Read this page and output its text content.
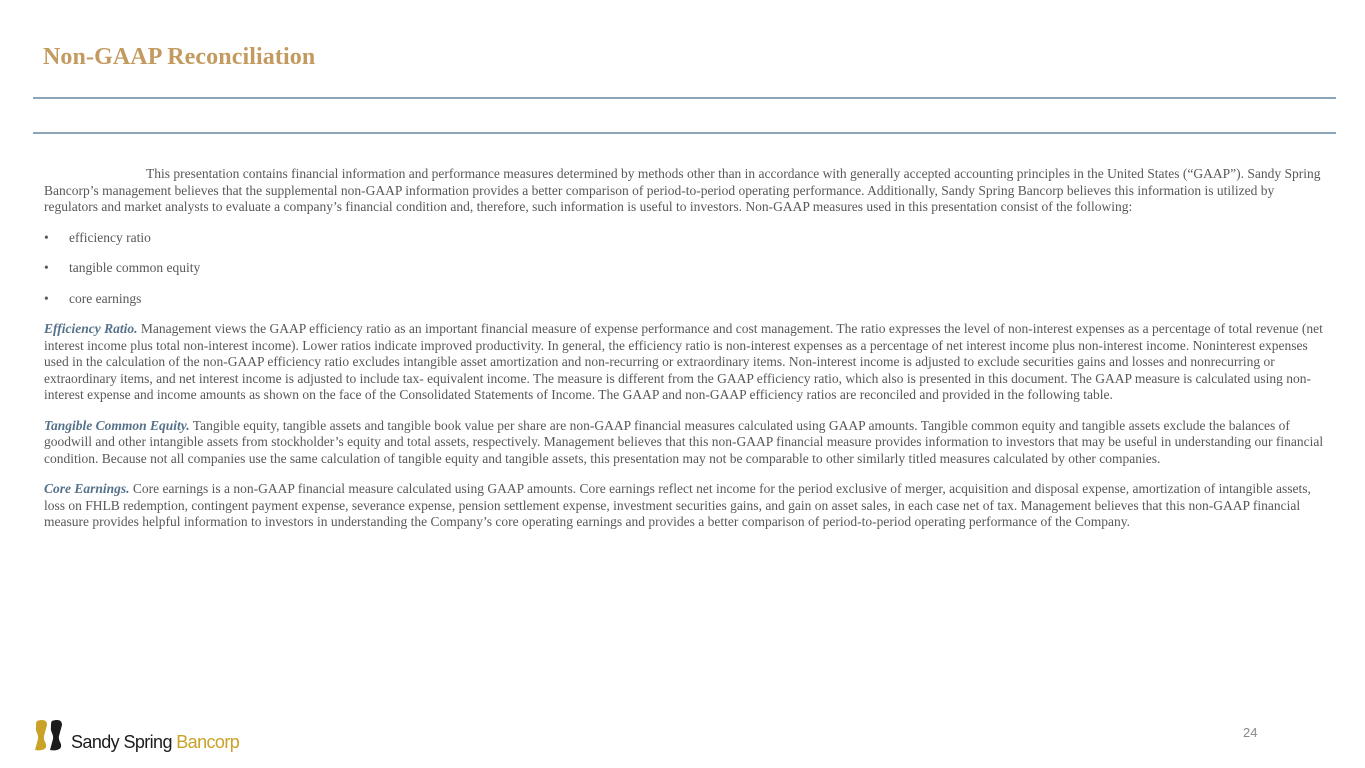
Non-GAAP Reconciliation

This presentation contains financial information and performance measures determined by methods other than in accordance with generally accepted accounting principles in the United States (“GAAP”). Sandy Spring Bancorp’s management believes that the supplemental non-GAAP information provides a better comparison of period-to-period operating performance. Additionally, Sandy Spring Bancorp believes this information is utilized by regulators and market analysts to evaluate a company’s financial condition and, therefore, such information is useful to investors. Non-GAAP measures used in this presentation consist of the following:

• efficiency ratio
• tangible common equity
• core earnings

Efficiency Ratio. Management views the GAAP efficiency ratio as an important financial measure of expense performance and cost management. The ratio expresses the level of non-interest expenses as a percentage of total revenue (net interest income plus total non-interest income). Lower ratios indicate improved productivity. In general, the efficiency ratio is non-interest expenses as a percentage of net interest income plus non-interest income. Noninterest expenses used in the calculation of the non-GAAP efficiency ratio excludes intangible asset amortization and non-recurring or extraordinary items. Non-interest income is adjusted to exclude securities gains and losses and nonrecurring or extraordinary items, and net interest income is adjusted to include tax- equivalent income. The measure is different from the GAAP efficiency ratio, which also is presented in this document. The GAAP measure is calculated using non-interest expense and income amounts as shown on the face of the Consolidated Statements of Income. The GAAP and non-GAAP efficiency ratios are reconciled and provided in the following table.

Tangible Common Equity. Tangible equity, tangible assets and tangible book value per share are non-GAAP financial measures calculated using GAAP amounts. Tangible common equity and tangible assets exclude the balances of goodwill and other intangible assets from stockholder’s equity and total assets, respectively. Management believes that this non-GAAP financial measure provides information to investors that may be useful in understanding our financial condition. Because not all companies use the same calculation of tangible equity and tangible assets, this presentation may not be comparable to other similarly titled measures calculated by other companies.

Core Earnings. Core earnings is a non-GAAP financial measure calculated using GAAP amounts. Core earnings reflect net income for the period exclusive of merger, acquisition and disposal expense, amortization of intangible assets, loss on FHLB redemption, contingent payment expense, severance expense, pension settlement expense, investment securities gains, and gain on asset sales, in each case net of tax. Management believes that this non-GAAP financial measure provides helpful information to investors in understanding the Company’s core operating earnings and provides a better comparison of period-to-period operating performance of the Company.

Sandy Spring Bancorp	24
